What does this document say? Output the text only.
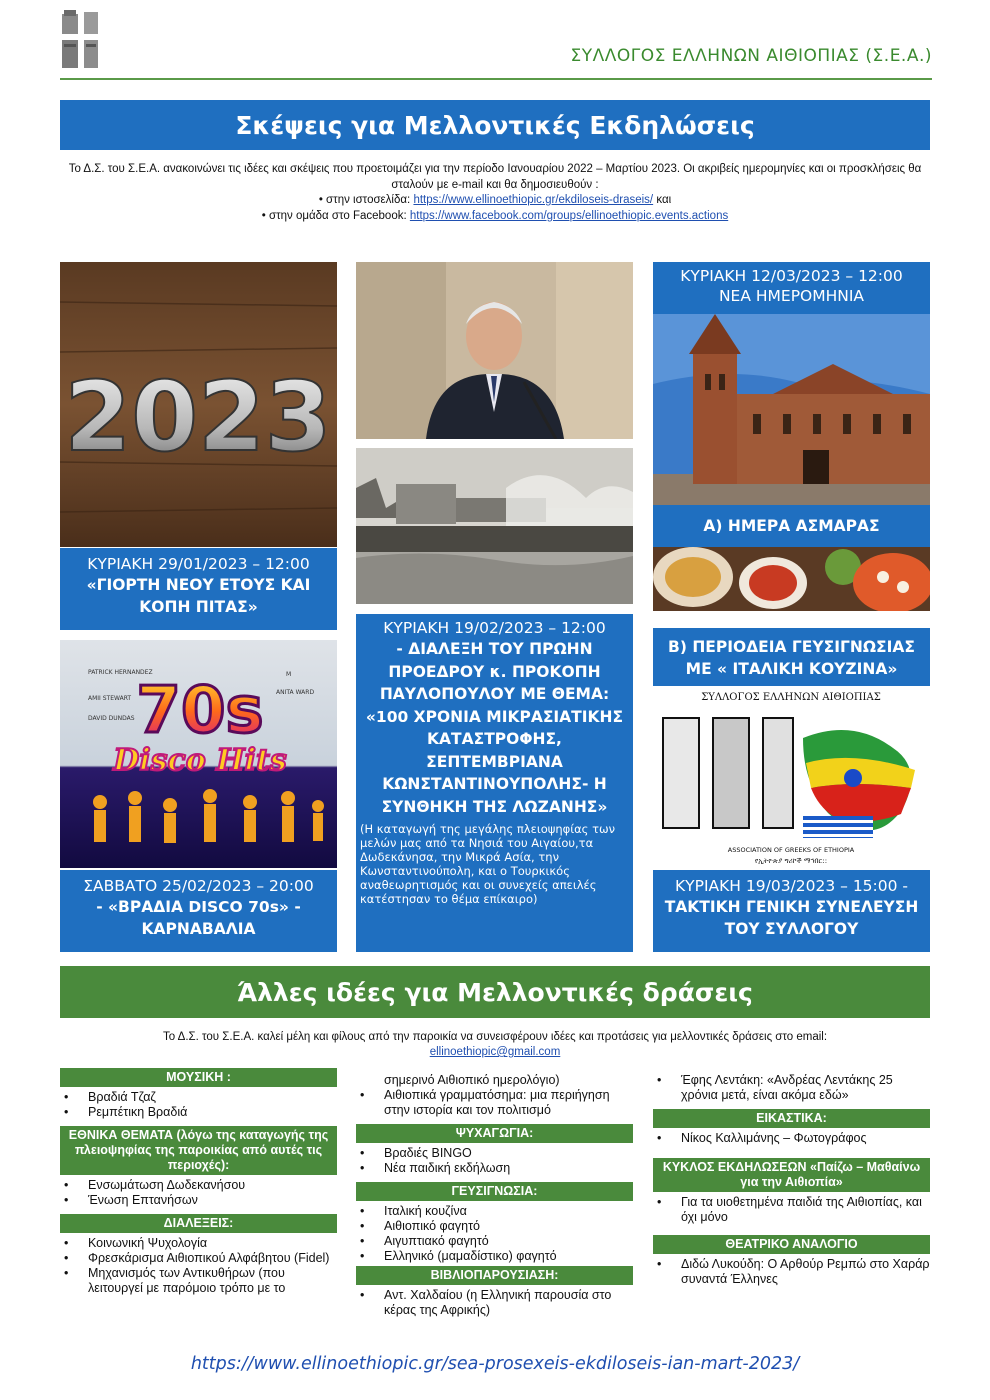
ΣΥΛΛΟΓΟΣ ΕΛΛΗΝΩΝ ΑΙΘΙΟΠΙΑΣ (Σ.Ε.Α.)
Σκέψεις για Μελλοντικές Εκδηλώσεις
Το Δ.Σ. του Σ.Ε.Α. ανακοινώνει τις ιδέες και σκέψεις που προετοιμάζει για την περίοδο Ιανουαρίου 2022 – Μαρτίου 2023. Οι ακριβείς ημερομηνίες και οι προσκλήσεις θα σταλούν με e-mail και θα δημοσιευθούν :
• στην ιστοσελίδα: https://www.ellinoethiopic.gr/ekdiloseis-draseis/ και
• στην ομάδα στο Facebook: https://www.facebook.com/groups/ellinoethiopic.events.actions
2023
ΚΥΡΙΑΚΗ 29/01/2023 – 12:00
«ΓΙΟΡΤΗ ΝΕΟΥ ΕΤΟΥΣ ΚΑΙ ΚΟΠΗ ΠΙΤΑΣ»
PATRICK HERNANDEZ
AMII STEWART
DAVID DUNDAS
M
ANITA WARD
70s
Disco Hits
ΣΑΒΒΑΤΟ 25/02/2023 – 20:00
- «ΒΡΑΔΙΑ DISCO 70s» - ΚΑΡΝΑΒΑΛΙΑ
ΚΥΡΙΑΚΗ 19/02/2023 – 12:00
- ΔΙΑΛΕΞΗ ΤΟΥ ΠΡΩΗΝ ΠΡΟΕΔΡΟΥ κ. ΠΡΟΚΟΠΗ ΠΑΥΛΟΠΟΥΛΟΥ ΜΕ ΘΕΜΑ: «100 ΧΡΟΝΙΑ ΜΙΚΡΑΣΙΑΤΙΚΗΣ ΚΑΤΑΣΤΡΟΦΗΣ, ΣΕΠΤΕΜΒΡΙΑΝΑ ΚΩΝΣΤΑΝΤΙΝΟΥΠΟΛΗΣ- Η ΣΥΝΘΗΚΗ ΤΗΣ ΛΩΖΑΝΗΣ»
(Η καταγωγή της μεγάλης πλειοψηφίας των μελών μας από τα Νησιά του Αιγαίου,τα Δωδεκάνησα, την Μικρά Ασία, την Κωνσταντινούπολη, και ο Τουρκικός αναθεωρητισμός και οι συνεχείς απειλές κατέστησαν το θέμα επίκαιρο)
ΚΥΡΙΑΚΗ 12/03/2023 – 12:00
ΝΕΑ ΗΜΕΡΟΜΗΝΙΑ
Α) ΗΜΕΡΑ ΑΣΜΑΡΑΣ
Β) ΠΕΡΙΟΔΕΙΑ ΓΕΥΣΙΓΝΩΣΙΑΣ ΜΕ « ΙΤΑΛΙΚΗ ΚΟΥΖΙΝΑ»
ΣΥΛΛΟΓΟΣ ΕΛΛΗΝΩΝ ΑΙΘΙΟΠΙΑΣ
ASSOCIATION OF GREEKS OF ETHIOPIA
የኢትዮጵያ ግሪኮች ማኅበር::
ΚΥΡΙΑΚΗ 19/03/2023 – 15:00 -
ΤΑΚΤΙΚΗ ΓΕΝΙΚΗ ΣΥΝΕΛΕΥΣΗ ΤΟΥ ΣΥΛΛΟΓΟΥ
Άλλες ιδέες για Μελλοντικές δράσεις
Το Δ.Σ. του Σ.Ε.Α. καλεί μέλη και φίλους από την παροικία να συνεισφέρουν ιδέες και προτάσεις για μελλοντικές δράσεις στο email:
ellinoethiopic@gmail.com
ΜΟΥΣΙΚΗ :
• Βραδιά Τζαζ
• Ρεμπέτικη Βραδιά
ΕΘΝΙΚΑ ΘΕΜΑΤΑ (λόγω της καταγωγής της πλειοψηφίας της παροικίας από αυτές τις περιοχές):
• Ενσωμάτωση Δωδεκανήσου
• Ένωση Επτανήσων
ΔΙΑΛΕΞΕΙΣ:
• Κοινωνική Ψυχολογία
• Φρεσκάρισμα Αιθιοπικού Αλφάβητου (Fidel)
• Μηχανισμός των Αντικυθήρων (που λειτουργεί με παρόμοιο τρόπο με το
σημερινό Αιθιοπικό ημερολόγιο)
• Αιθιοπικά γραμματόσημα: μια περιήγηση στην ιστορία και τον πολιτισμό
ΨΥΧΑΓΩΓΙΑ:
• Βραδιές BINGO
• Νέα παιδική εκδήλωση
ΓΕΥΣΙΓΝΩΣΙΑ:
• Ιταλική κουζίνα
• Αιθιοπικό φαγητό
• Αιγυπτιακό φαγητό
• Ελληνικό (μαμαδίστικο) φαγητό
ΒΙΒΛΙΟΠΑΡΟΥΣΙΑΣΗ:
• Αντ. Χαλδαίου (η Ελληνική παρουσία στο κέρας της Αφρικής)
• Έφης Λεντάκη: «Ανδρέας Λεντάκης 25 χρόνια μετά, είναι ακόμα εδώ»
ΕΙΚΑΣΤΙΚΑ:
• Νίκος Καλλιμάνης – Φωτογράφος
ΚΥΚΛΟΣ ΕΚΔΗΛΩΣΕΩΝ «Παίζω – Μαθαίνω για την Αιθιοπία»
• Για τα υιοθετημένα παιδιά της Αιθιοπίας, και όχι μόνο
ΘΕΑΤΡΙΚΟ ΑΝΑΛΟΓΙΟ
• Διδώ Λυκούδη: Ο Αρθούρ Ρεμπώ στο Χαράρ συναντά Έλληνες
https://www.ellinoethiopic.gr/sea-prosexeis-ekdiloseis-ian-mart-2023/
